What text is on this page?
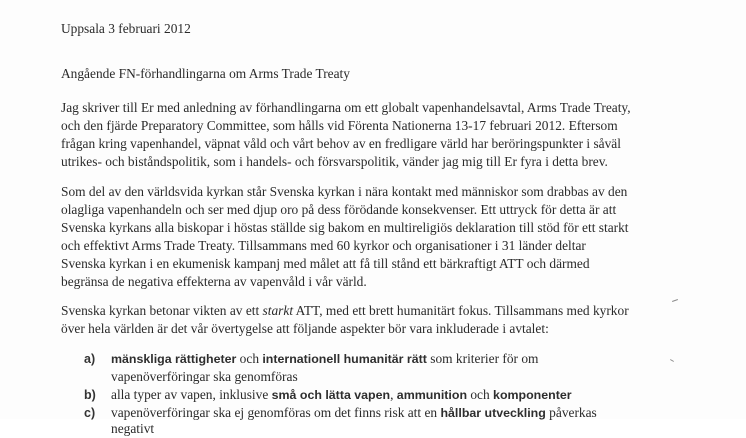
Uppsala 3 februari 2012
Angående FN-förhandlingarna om Arms Trade Treaty
Jag skriver till Er med anledning av förhandlingarna om ett globalt vapenhandelsavtal, Arms Trade Treaty,
och den fjärde Preparatory Committee, som hålls vid Förenta Nationerna 13-17 februari 2012. Eftersom
frågan kring vapenhandel, väpnat våld och vårt behov av en fredligare värld har beröringspunkter i såväl
utrikes- och biståndspolitik, som i handels- och försvarspolitik, vänder jag mig till Er fyra i detta brev.
Som del av den världsvida kyrkan står Svenska kyrkan i nära kontakt med människor som drabbas av den
olagliga vapenhandeln och ser med djup oro på dess förödande konsekvenser. Ett uttryck för detta är att
Svenska kyrkans alla biskopar i höstas ställde sig bakom en multireligiös deklaration till stöd för ett starkt
och effektivt Arms Trade Treaty. Tillsammans med 60 kyrkor och organisationer i 31 länder deltar
Svenska kyrkan i en ekumenisk kampanj med målet att få till stånd ett bärkraftigt ATT och därmed
begränsa de negativa effekterna av vapenvåld i vår värld.
Svenska kyrkan betonar vikten av ett starkt ATT, med ett brett humanitärt fokus. Tillsammans med kyrkor
över hela världen är det vår övertygelse att följande aspekter bör vara inkluderade i avtalet:
a) mänskliga rättigheter och internationell humanitär rätt som kriterier för om
vapenöverföringar ska genomföras
b) alla typer av vapen, inklusive små och lätta vapen, ammunition och komponenter
c) vapenöverföringar ska ej genomföras om det finns risk att en hållbar utveckling påverkas
negativt
